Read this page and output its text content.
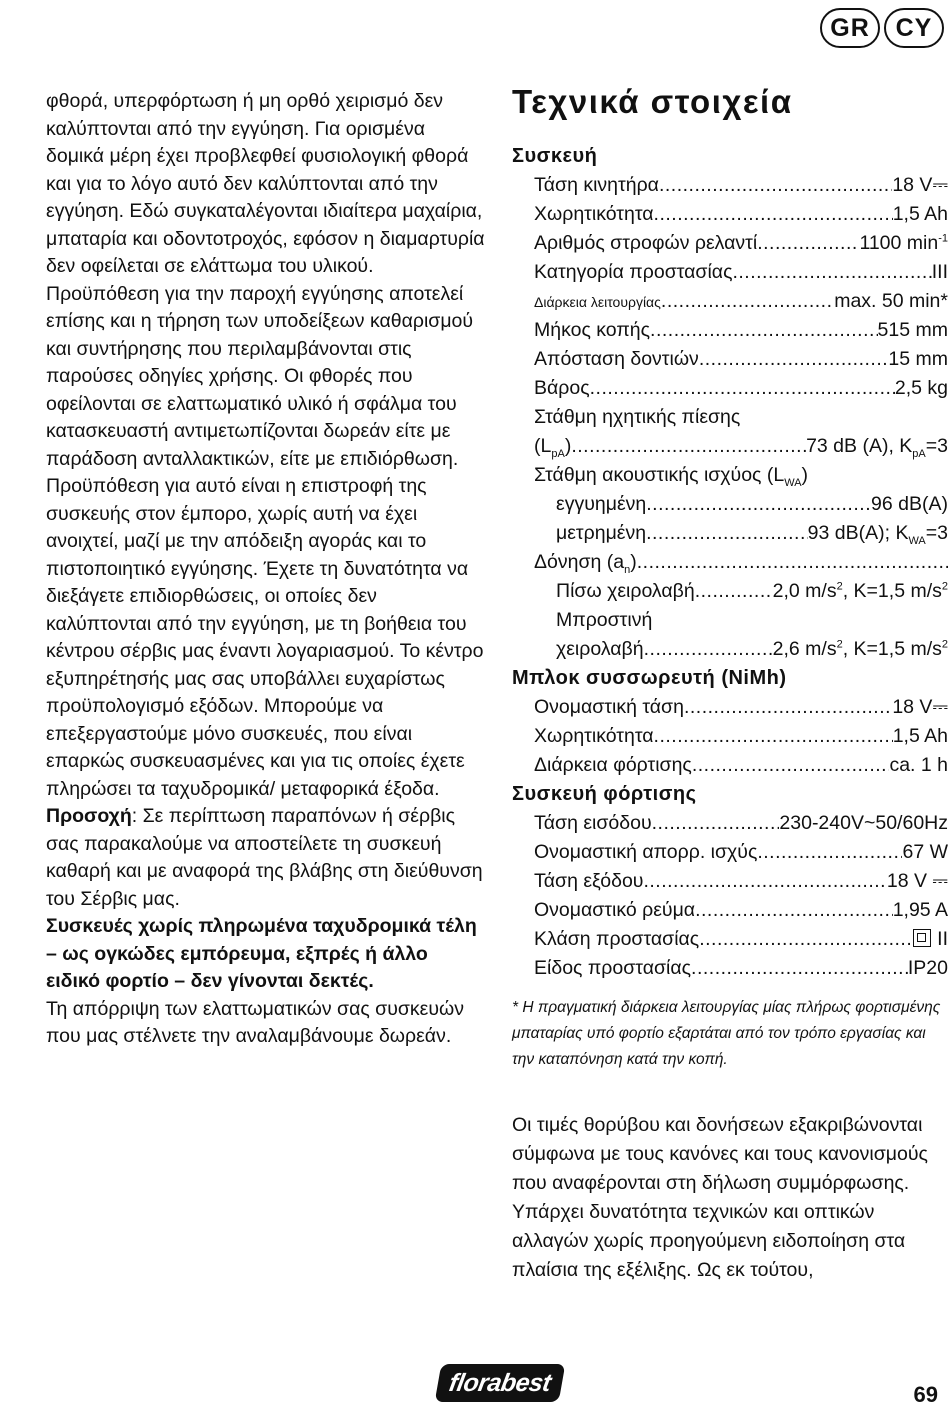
GR	CY

φθορά, υπερφόρτωση ή μη ορθό χειρισμό δεν καλύπτονται από την εγγύηση. Για ορισμένα δομικά μέρη έχει προβλεφθεί φυσιολογική φθορά και για το λόγο αυτό δεν καλύπτονται από την εγγύηση. Εδώ συγκαταλέγονται ιδιαίτερα μαχαίρια, μπαταρία και οδοντοτροχός, εφόσον η διαμαρτυρία δεν οφείλεται σε ελάττωμα του υλικού.

Προϋπόθεση για την παροχή εγγύησης αποτελεί επίσης και η τήρηση των υποδείξεων καθαρισμού και συντήρησης που περιλαμβάνονται στις παρούσες οδηγίες χρήσης. Οι φθορές που οφείλονται σε ελαττωματικό υλικό ή σφάλμα του κατασκευαστή αντιμετωπίζονται δωρεάν είτε με παράδοση ανταλλακτικών, είτε με επιδιόρθωση. Προϋπόθεση για αυτό είναι η επιστροφή της συσκευής στον έμπορο, χωρίς αυτή να έχει ανοιχτεί, μαζί με την απόδειξη αγοράς και το πιστοποιητικό εγγύησης. Έχετε τη δυνατότητα να διεξάγετε επιδιορθώσεις, οι οποίες δεν καλύπτονται από την εγγύηση, με τη βοήθεια του κέντρου σέρβις μας έναντι λογαριασμού. Το κέντρο εξυπηρέτησής μας σας υποβάλλει ευχαρίστως προϋπολογισμό εξόδων. Μπορούμε να επεξεργαστούμε μόνο συσκευές, που είναι επαρκώς συσκευασμένες και για τις οποίες έχετε πληρώσει τα ταχυδρομικά/ μεταφορικά έξοδα.

Προσοχή: Σε περίπτωση παραπόνων ή σέρβις σας παρακαλούμε να αποστείλετε τη συσκευή καθαρή και με αναφορά της βλάβης στη διεύθυνση του Σέρβις μας.

Συσκευές χωρίς πληρωμένα ταχυδρομικά τέλη – ως ογκώδες εμπόρευμα, εξπρές ή άλλο ειδικό φορτίο – δεν γίνονται δεκτές.

Τη απόρριψη των ελαττωματικών σας συσκευών που μας στέλνετε την αναλαμβάνουμε δωρεάν.

Τεχνικά στοιχεία
Συσκευή
Τάση κινητήρα .....	18 V ⎓
Χωρητικότητα .....	1,5 Ah
Αριθμός στροφών ρελαντί .....	1100 $\min^{-1}$
Κατηγορία προστασίας .....	III
Διάρκεια λειτουργίας .....	max. 50 min*
Μήκος κοπής .....	515 mm
Απόσταση δοντιών .....	15 mm
Βάρος .....	2,5 kg
Στάθμη ηχητικής πίεσης
$(L_{pA})$ .....	73 dB (A), $K_{pA}=3$
Στάθμη ακουστικής ισχύος $(L_{WA})$
εγγυημένη .....	96 dB(A)
μετρημένη .....	93 dB(A); $K_{WA}=3$
Δόνηση $(a_n)$
.....
Πίσω χειρολαβή .....	2,0 $m/s^2$, K=1,5 $m/s^2$
Μπροστινή
χειρολαβή .....	2,6 $m/s^2$, K=1,5 $m/s^2$
Μπλοκ συσσωρευτή (NiMh)
Ονομαστική τάση .....	18 V ⎓
Χωρητικότητα .....	1,5 Ah
Διάρκεια φόρτισης .....	ca. 1 h
Συσκευή φόρτισης
Τάση εισόδου .....	230-240V~50/60Hz
Ονομαστική απορρ. ισχύς .....	67 W
Τάση εξόδου .....	18 V ⎓
Ονομαστικό ρεύμα .....	1,95 A
Κλάση προστασίας .....	II
Είδος προστασίας .....	IP20
* Η πραγματική διάρκεια λειτουργίας μίας πλήρως φορτισμένης μπαταρίας υπό φορτίο εξαρτάται από τον τρόπο εργασίας και την καταπόνηση κατά την κοπή.
Οι τιμές θορύβου και δονήσεων εξακριβώνονται σύμφωνα με τους κανόνες και τους κανονισμούς που αναφέρονται στη δήλωση συμμόρφωσης. Υπάρχει δυνατότητα τεχνικών και οπτικών αλλαγών χωρίς προηγούμενη ειδοποίηση στα πλαίσια της εξέλιξης. Ως εκ τούτου,
florabest	69
